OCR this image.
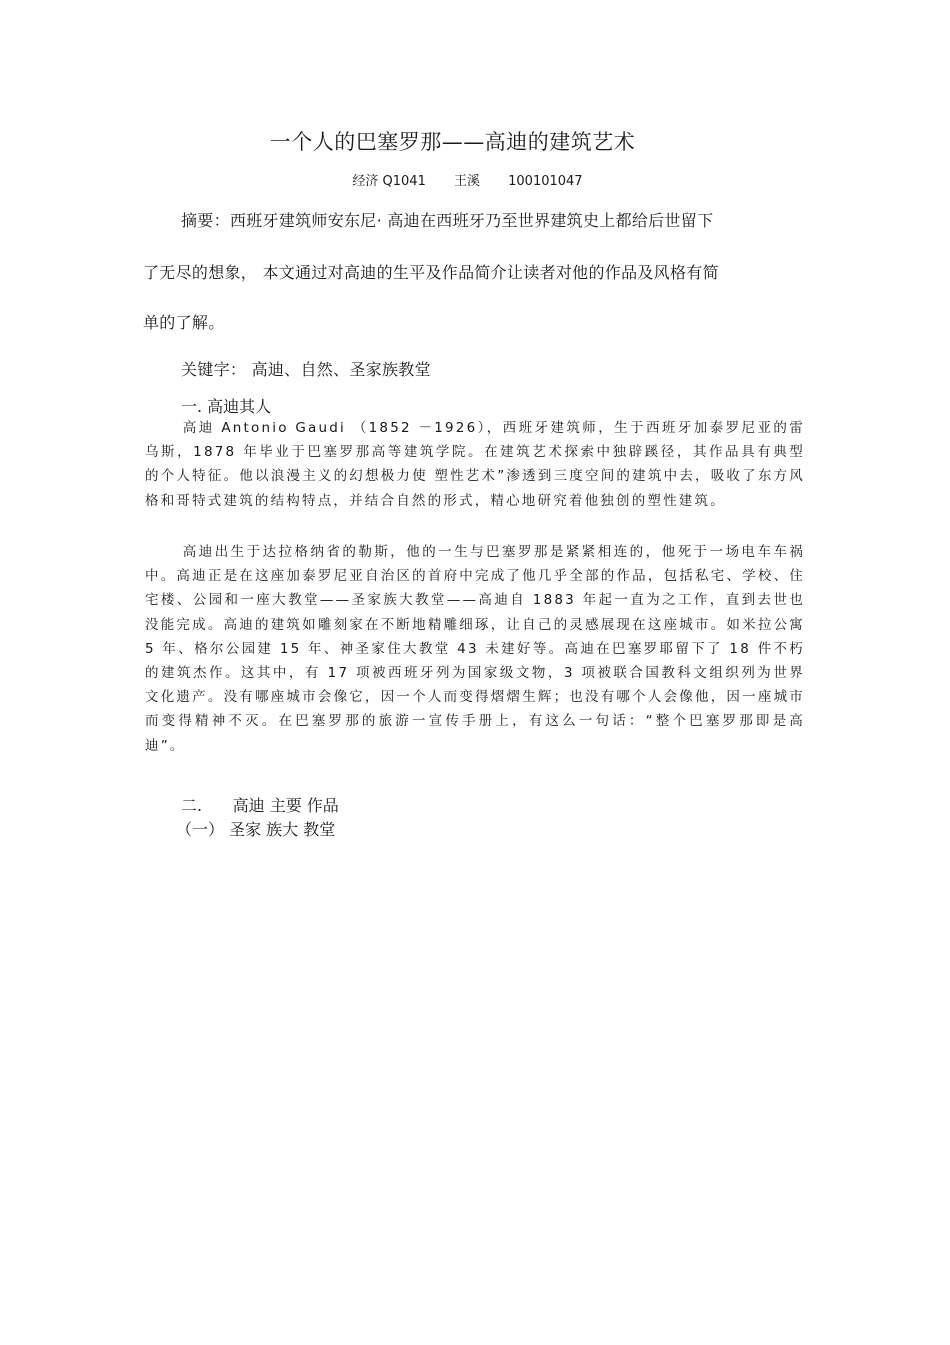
一个人的巴塞罗那——高迪的建筑艺术
经济 Q1041 王溪 100101047
摘要：西班牙建筑师安东尼· 高迪在西班牙乃至世界建筑史上都给后世留下
了无尽的想象， 本文通过对高迪的生平及作品简介让读者对他的作品及风格有简
单的了解。
关键字： 高迪、自然、圣家族教堂
一. 高迪其人
高迪 Antonio Gaudi （1852 －1926），西班牙建筑师，生于西班牙加泰罗尼亚的雷乌斯，1878 年毕业于巴塞罗那高等建筑学院。在建筑艺术探索中独辟蹊径，其作品具有典型的个人特征。他以浪漫主义的幻想极力使 塑性艺术”渗透到三度空间的建筑中去，吸收了东方风格和哥特式建筑的结构特点，并结合自然的形式，精心地研究着他独创的塑性建筑。
高迪出生于达拉格纳省的勒斯，他的一生与巴塞罗那是紧紧相连的，他死于一场电车车祸中。高迪正是在这座加泰罗尼亚自治区的首府中完成了他几乎全部的作品，包括私宅、学校、住宅楼、公园和一座大教堂——圣家族大教堂——高迪自 1883 年起一直为之工作，直到去世也没能完成。高迪的建筑如雕刻家在不断地精雕细琢，让自己的灵感展现在这座城市。如米拉公寓 5 年、格尔公园建 15 年、神圣家住大教堂 43 未建好等。高迪在巴塞罗耶留下了 18 件不朽的建筑杰作。这其中，有 17 项被西班牙列为国家级文物，3 项被联合国教科文组织列为世界文化遗产。没有哪座城市会像它，因一个人而变得熠熠生辉；也没有哪个人会像他，因一座城市而变得精神不灭。在巴塞罗那的旅游一宣传手册上，有这么一句话：“整个巴塞罗那即是高迪”。
二.      高迪 主要 作品
（一） 圣家 族大 教堂
